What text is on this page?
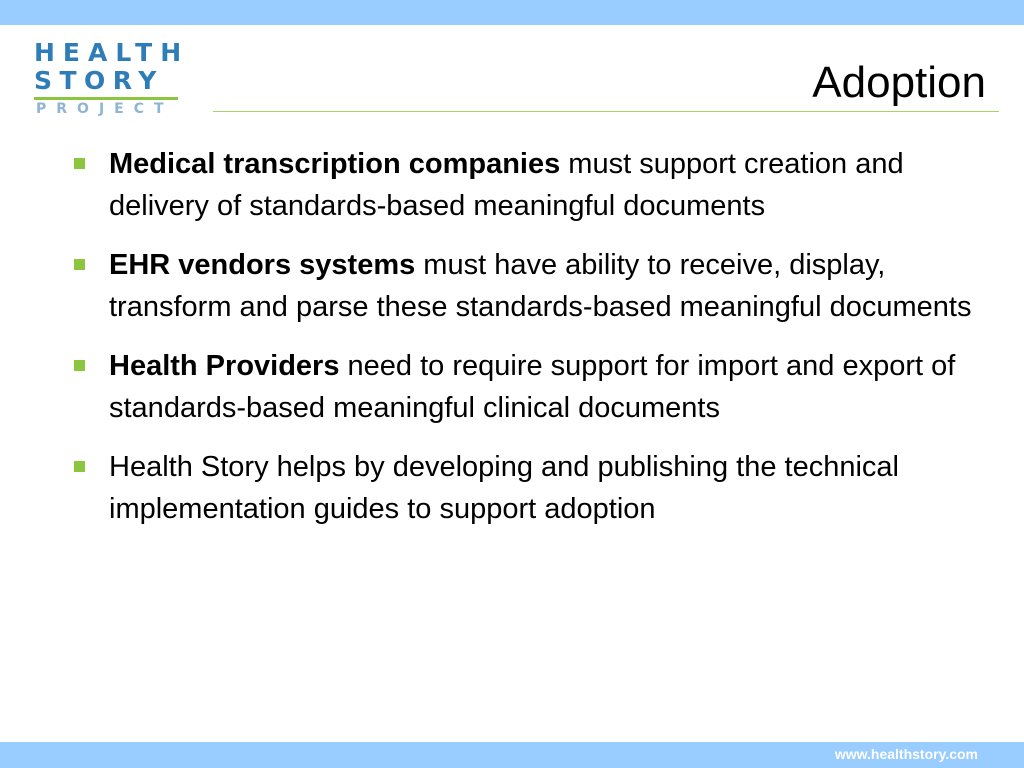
HEALTH
STORY
PROJECT
Adoption
Medical transcription companies must support creation and delivery of standards-based meaningful documents
EHR vendors systems must have ability to receive, display, transform and parse these standards-based meaningful documents
Health Providers need to require support for import and export of standards-based meaningful clinical documents
Health Story helps by developing and publishing the technical implementation guides to support adoption
www.healthstory.com
